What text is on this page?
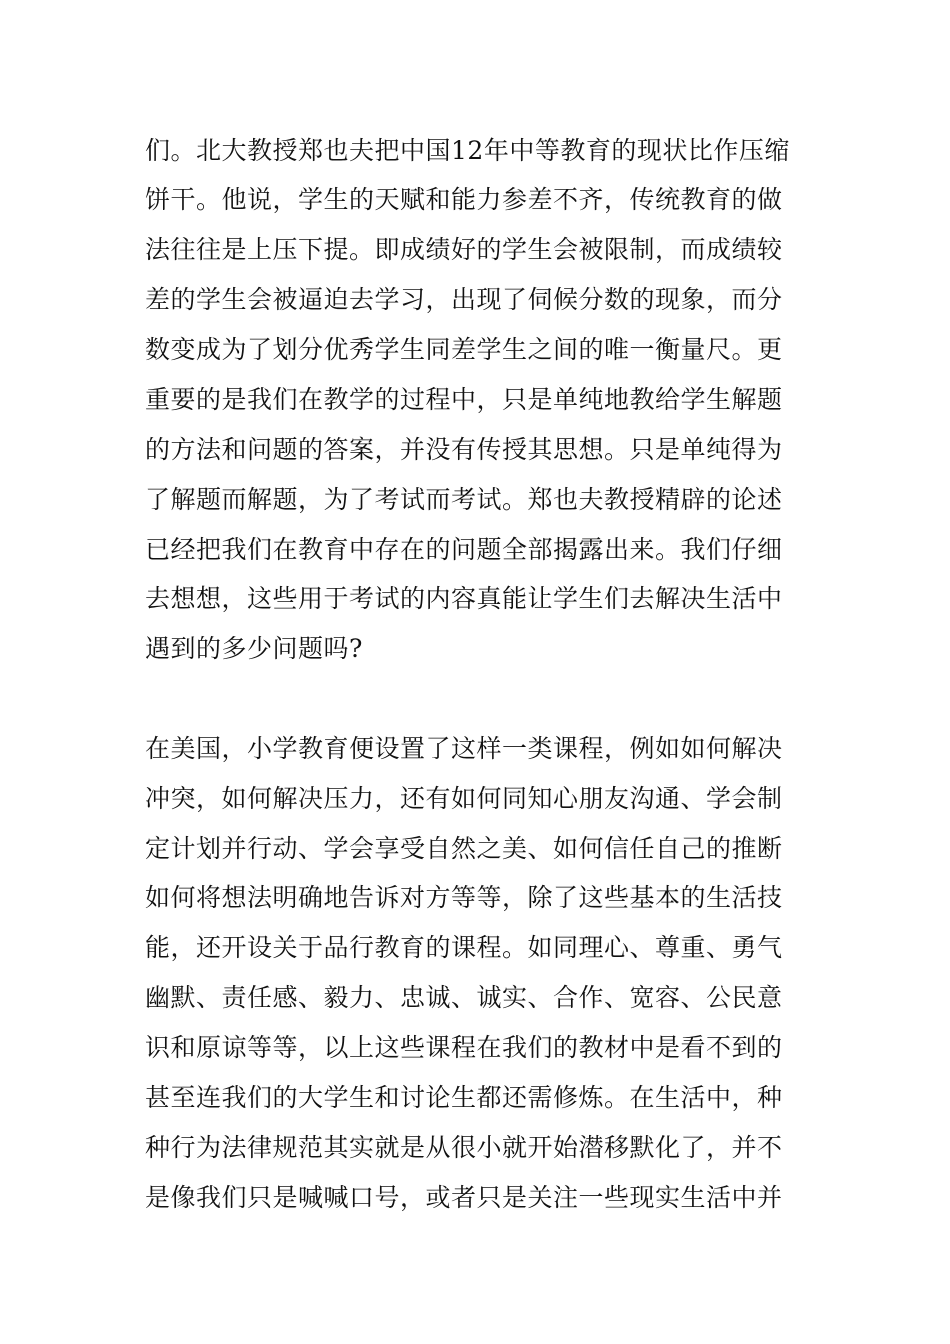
们。北大教授郑也夫把中国12年中等教育的现状比作压缩
饼干。他说，学生的天赋和能力参差不齐，传统教育的做
法往往是上压下提。即成绩好的学生会被限制，而成绩较
差的学生会被逼迫去学习，出现了伺候分数的现象，而分
数变成为了划分优秀学生同差学生之间的唯一衡量尺。更
重要的是我们在教学的过程中，只是单纯地教给学生解题
的方法和问题的答案，并没有传授其思想。只是单纯得为
了解题而解题，为了考试而考试。郑也夫教授精辟的论述
已经把我们在教育中存在的问题全部揭露出来。我们仔细
去想想，这些用于考试的内容真能让学生们去解决生活中
遇到的多少问题吗?
在美国，小学教育便设置了这样一类课程，例如如何解决
冲突，如何解决压力，还有如何同知心朋友沟通、学会制
定计划并行动、学会享受自然之美、如何信任自己的推断
如何将想法明确地告诉对方等等，除了这些基本的生活技
能，还开设关于品行教育的课程。如同理心、尊重、勇气
幽默、责任感、毅力、忠诚、诚实、合作、宽容、公民意
识和原谅等等，以上这些课程在我们的教材中是看不到的
甚至连我们的大学生和讨论生都还需修炼。在生活中，种
种行为法律规范其实就是从很小就开始潜移默化了，并不
是像我们只是喊喊口号，或者只是关注一些现实生活中并
